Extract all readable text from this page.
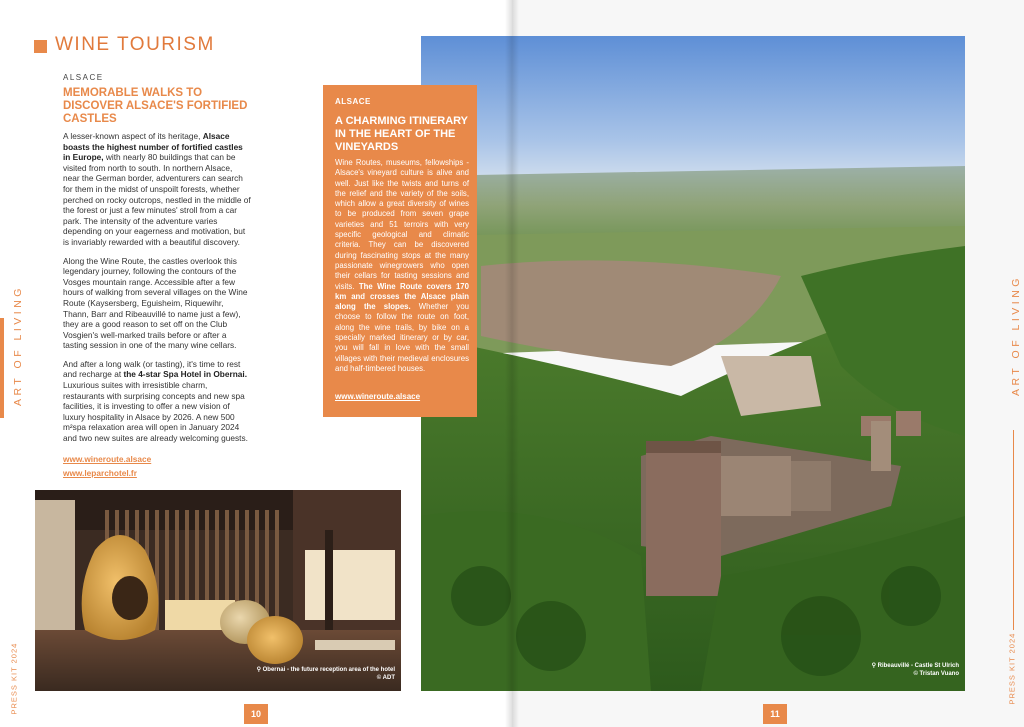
WINE TOURISM
ALSACE
MEMORABLE WALKS TO DISCOVER ALSACE'S FORTIFIED CASTLES

A lesser-known aspect of its heritage, Alsace boasts the highest number of fortified castles in Europe, with nearly 80 buildings that can be visited from north to south. In northern Alsace, near the German border, adventurers can search for them in the midst of unspoilt forests, whether perched on rocky outcrops, nestled in the middle of the forest or just a few minutes' stroll from a car park. The intensity of the adventure varies depending on your eagerness and motivation, but is invariably rewarded with a beautiful discovery.

Along the Wine Route, the castles overlook this legendary journey, following the contours of the Vosges mountain range. Accessible after a few hours of walking from several villages on the Wine Route (Kaysersberg, Eguisheim, Riquewihr, Thann, Barr and Ribeauvillé to name just a few), they are a good reason to set off on the Club Vosgien's well-marked trails before or after a tasting session in one of the many wine cellars.

And after a long walk (or tasting), it's time to rest and recharge at the 4-star Spa Hotel in Obernai. Luxurious suites with irresistible charm, restaurants with surprising concepts and new spa facilities, it is investing to offer a new vision of luxury hospitality in Alsace by 2026. A new 500 m²spa relaxation area will open in January 2024 and two new suites are already welcoming guests.

www.wineroute.alsace
www.leparchotel.fr
⚲ Obernai - the future reception area of the hotel
© ADT
ART OF LIVING
PRESS KIT 2024	10
⚲ Ribeauvillé - Castle St Ulrich
© Tristan Vuano
ALSACE
A CHARMING ITINERARY IN THE HEART OF THE VINEYARDS
Wine Routes, museums, fellowships - Alsace's vineyard culture is alive and well. Just like the twists and turns of the relief and the variety of the soils, which allow a great diversity of wines to be produced from seven grape varieties and 51 terroirs with very specific geological and climatic criteria. They can be discovered during fascinating stops at the many passionate winegrowers who open their cellars for tasting sessions and visits. The Wine Route covers 170 km and crosses the Alsace plain along the slopes. Whether you choose to follow the route on foot, along the wine trails, by bike on a specially marked itinerary or by car, you will fall in love with the small villages with their medieval enclosures and half-timbered houses.
www.wineroute.alsace
ART OF LIVING
PRESS KIT 2024
11
